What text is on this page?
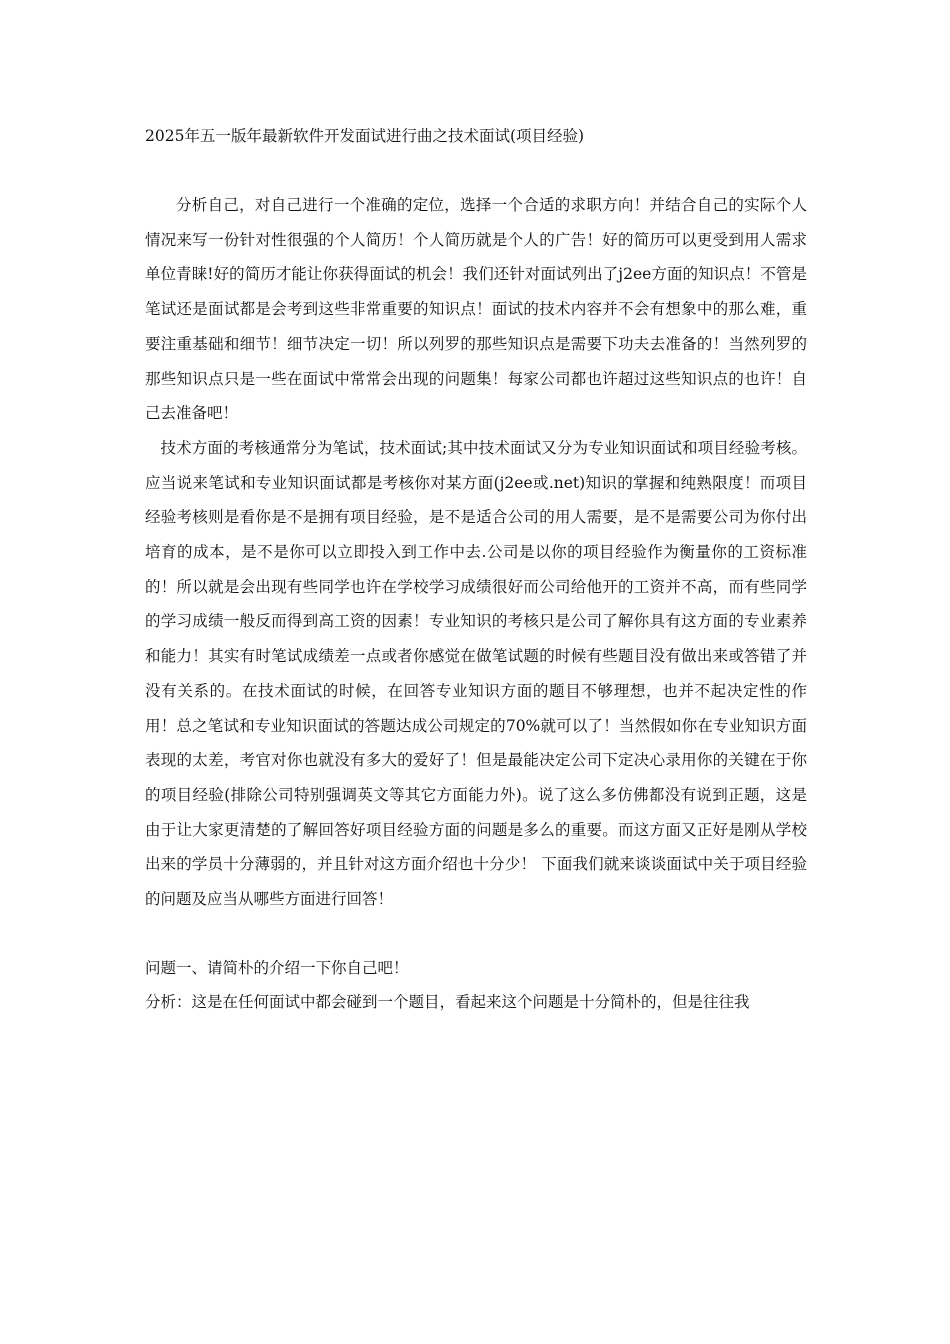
2025年五一版年最新软件开发面试进行曲之技术面试(项目经验)

分析自己，对自己进行一个准确的定位，选择一个合适的求职方向！并结合自己的实际个人情况来写一份针对性很强的个人简历！个人简历就是个人的广告！好的简历可以更受到用人需求单位青睐!好的简历才能让你获得面试的机会！我们还针对面试列出了j2ee方面的知识点！不管是笔试还是面试都是会考到这些非常重要的知识点！面试的技术内容并不会有想象中的那么难，重要注重基础和细节！细节决定一切！所以列罗的那些知识点是需要下功夫去准备的！当然列罗的那些知识点只是一些在面试中常常会出现的问题集！每家公司都也许超过这些知识点的也许！自己去准备吧！

技术方面的考核通常分为笔试，技术面试;其中技术面试又分为专业知识面试和项目经验考核。应当说来笔试和专业知识面试都是考核你对某方面(j2ee或.net)知识的掌握和纯熟限度！而项目经验考核则是看你是不是拥有项目经验，是不是适合公司的用人需要，是不是需要公司为你付出培育的成本，是不是你可以立即投入到工作中去.公司是以你的项目经验作为衡量你的工资标准的！所以就是会出现有些同学也许在学校学习成绩很好而公司给他开的工资并不高，而有些同学的学习成绩一般反而得到高工资的因素！专业知识的考核只是公司了解你具有这方面的专业素养和能力！其实有时笔试成绩差一点或者你感觉在做笔试题的时候有些题目没有做出来或答错了并没有关系的。在技术面试的时候，在回答专业知识方面的题目不够理想，也并不起决定性的作用！总之笔试和专业知识面试的答题达成公司规定的70%就可以了！当然假如你在专业知识方面表现的太差，考官对你也就没有多大的爱好了！但是最能决定公司下定决心录用你的关键在于你的项目经验(排除公司特别强调英文等其它方面能力外)。说了这么多仿佛都没有说到正题，这是由于让大家更清楚的了解回答好项目经验方面的问题是多么的重要。而这方面又正好是刚从学校出来的学员十分薄弱的，并且针对这方面介绍也十分少！ 下面我们就来谈谈面试中关于项目经验的问题及应当从哪些方面进行回答！

问题一、请简朴的介绍一下你自己吧！

分析：这是在任何面试中都会碰到一个题目，看起来这个问题是十分简朴的，但是往往我
